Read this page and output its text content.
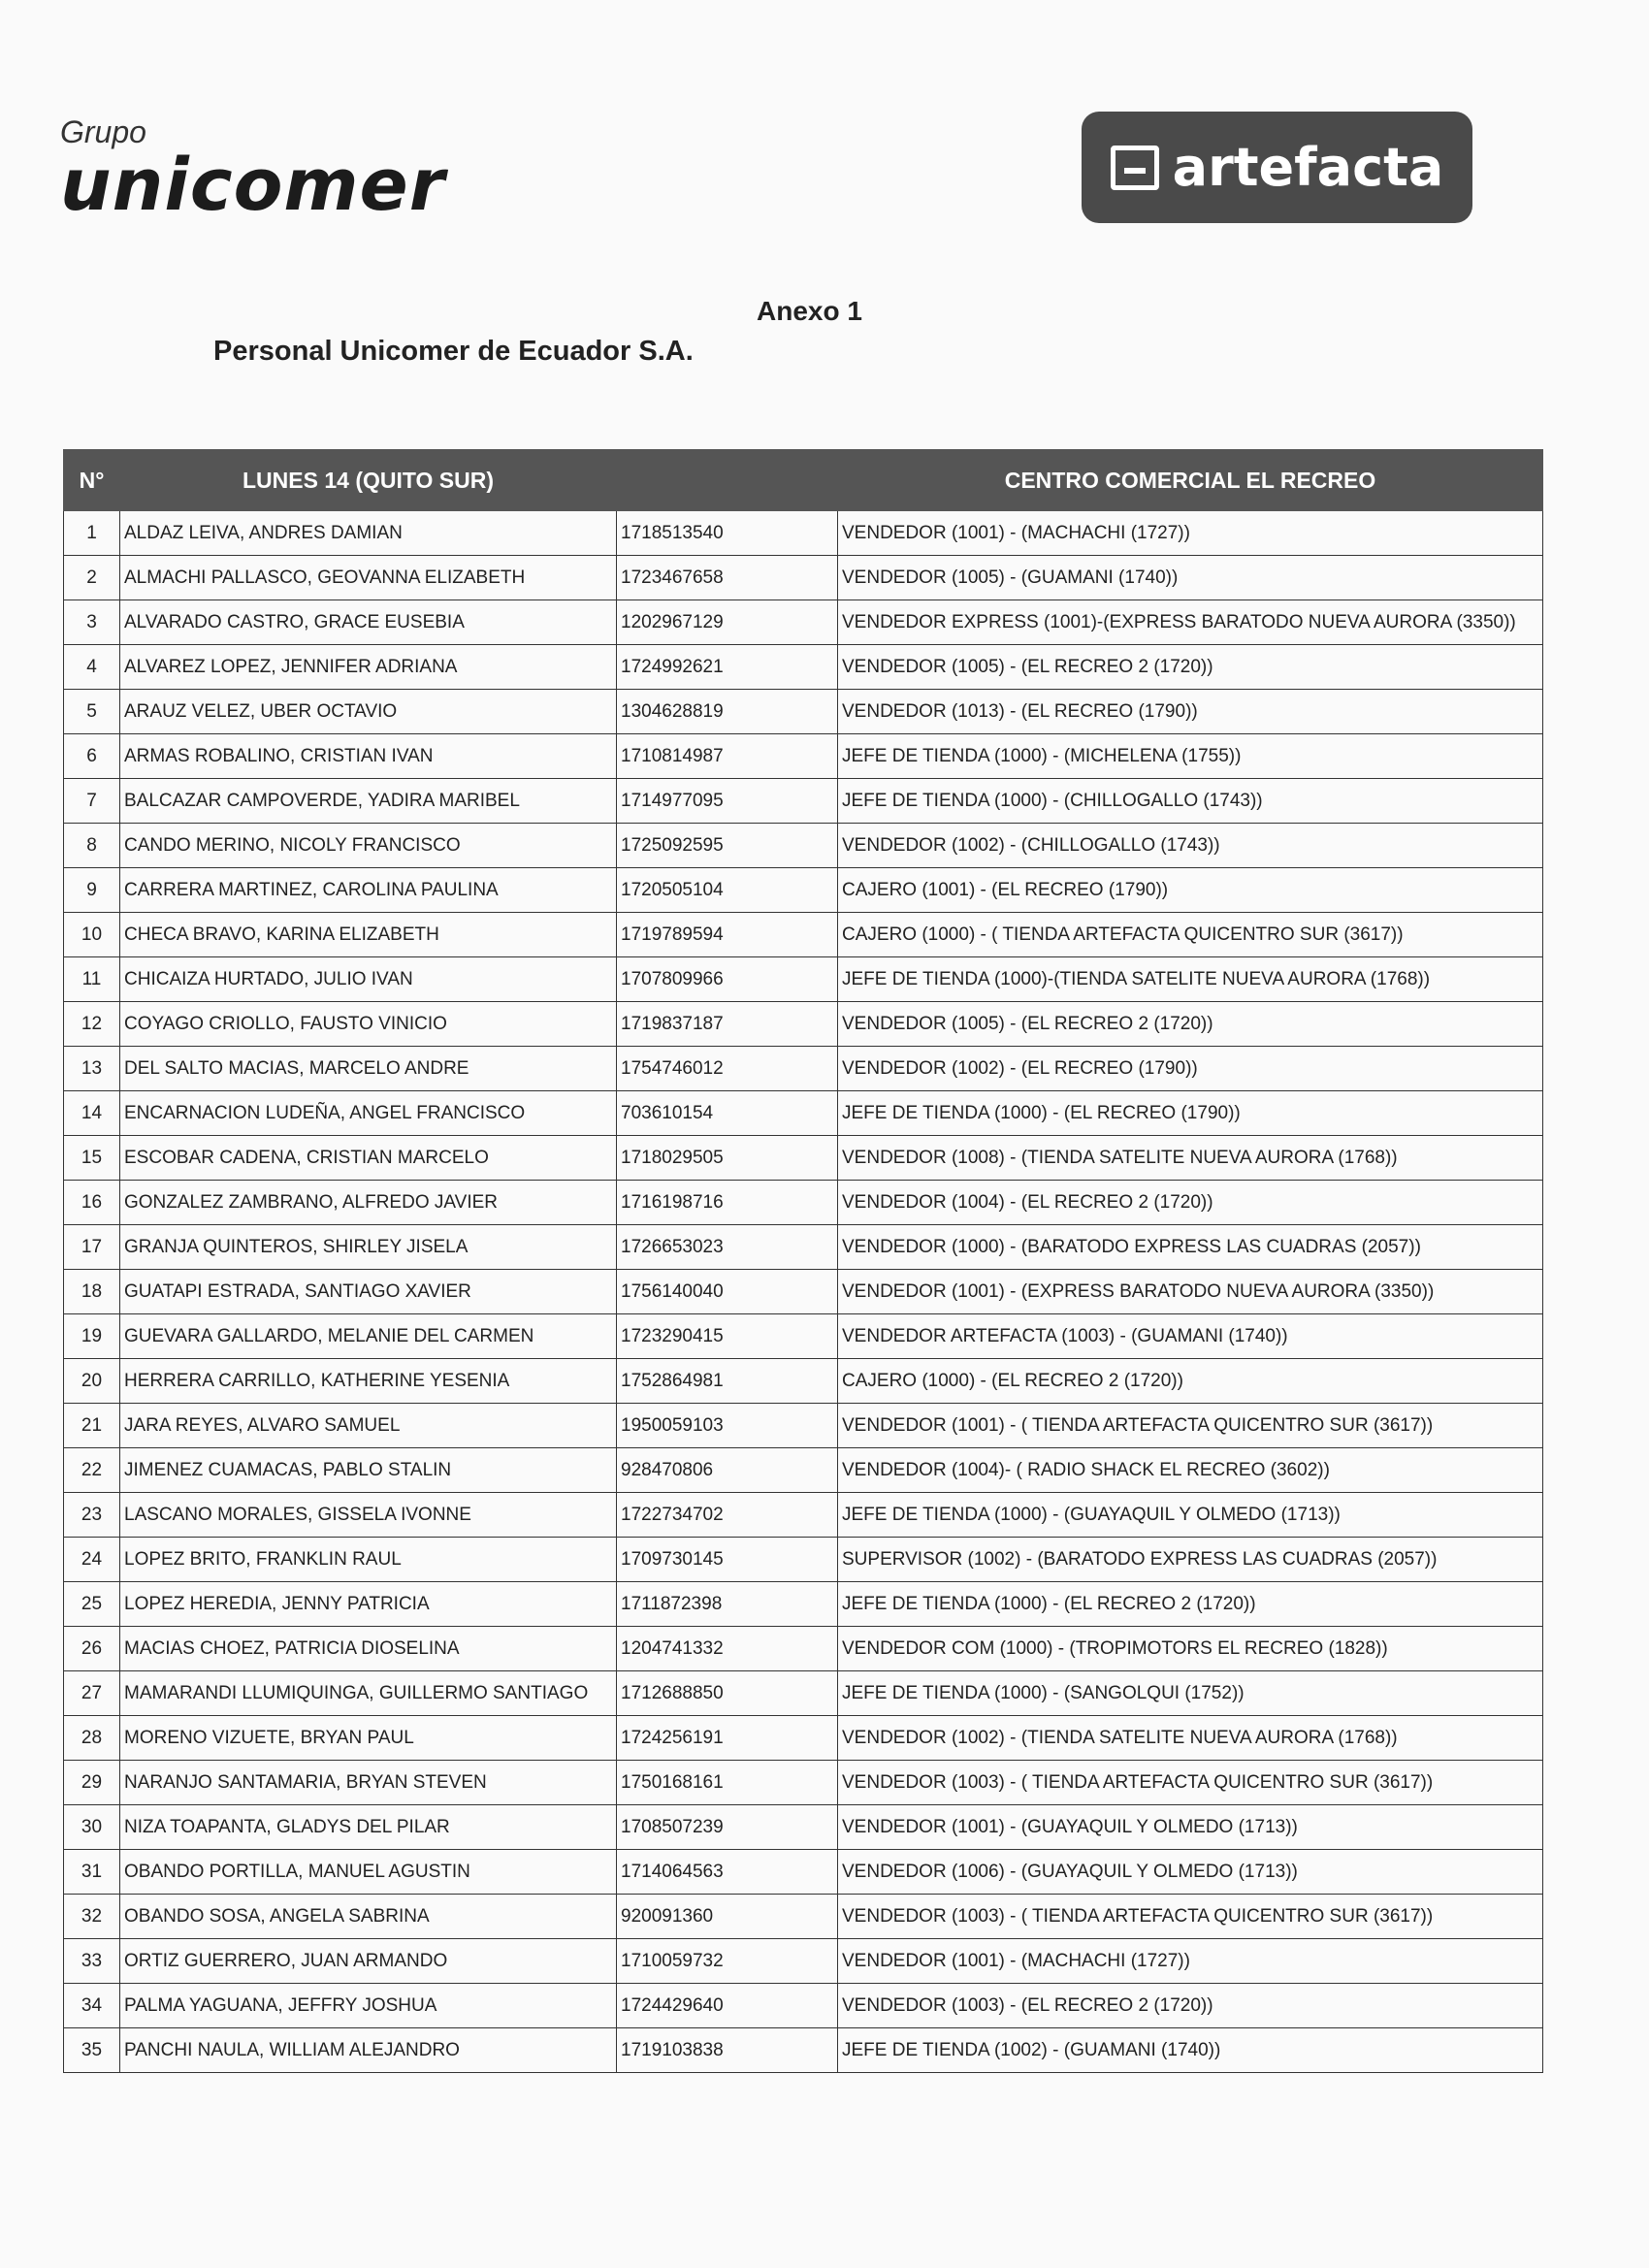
Grupo
unicomer	artefacta
Anexo 1
Personal Unicomer de Ecuador S.A.
N°	LUNES 14 (QUITO SUR)		CENTRO COMERCIAL EL RECREO
1	ALDAZ LEIVA, ANDRES DAMIAN	1718513540	VENDEDOR (1001) - (MACHACHI (1727))
2	ALMACHI PALLASCO, GEOVANNA ELIZABETH	1723467658	VENDEDOR (1005) - (GUAMANI (1740))
3	ALVARADO CASTRO, GRACE EUSEBIA	1202967129	VENDEDOR EXPRESS (1001)-(EXPRESS BARATODO NUEVA AURORA (3350))
4	ALVAREZ LOPEZ, JENNIFER ADRIANA	1724992621	VENDEDOR (1005) - (EL RECREO 2 (1720))
5	ARAUZ VELEZ, UBER OCTAVIO	1304628819	VENDEDOR (1013) - (EL RECREO (1790))
6	ARMAS ROBALINO, CRISTIAN IVAN	1710814987	JEFE DE TIENDA (1000) - (MICHELENA (1755))
7	BALCAZAR CAMPOVERDE, YADIRA MARIBEL	1714977095	JEFE DE TIENDA (1000) - (CHILLOGALLO (1743))
8	CANDO MERINO, NICOLY FRANCISCO	1725092595	VENDEDOR (1002) - (CHILLOGALLO (1743))
9	CARRERA MARTINEZ, CAROLINA PAULINA	1720505104	CAJERO (1001) - (EL RECREO (1790))
10	CHECA BRAVO, KARINA ELIZABETH	1719789594	CAJERO (1000) - ( TIENDA ARTEFACTA QUICENTRO SUR (3617))
11	CHICAIZA HURTADO, JULIO IVAN	1707809966	JEFE DE TIENDA (1000)-(TIENDA SATELITE NUEVA AURORA (1768))
12	COYAGO CRIOLLO, FAUSTO VINICIO	1719837187	VENDEDOR (1005) - (EL RECREO 2 (1720))
13	DEL SALTO MACIAS, MARCELO ANDRE	1754746012	VENDEDOR (1002) - (EL RECREO (1790))
14	ENCARNACION LUDEÑA, ANGEL FRANCISCO	703610154	JEFE DE TIENDA (1000) - (EL RECREO (1790))
15	ESCOBAR CADENA, CRISTIAN MARCELO	1718029505	VENDEDOR (1008) - (TIENDA SATELITE NUEVA AURORA (1768))
16	GONZALEZ ZAMBRANO, ALFREDO JAVIER	1716198716	VENDEDOR (1004) - (EL RECREO 2 (1720))
17	GRANJA QUINTEROS, SHIRLEY JISELA	1726653023	VENDEDOR (1000) - (BARATODO EXPRESS LAS CUADRAS (2057))
18	GUATAPI ESTRADA, SANTIAGO XAVIER	1756140040	VENDEDOR (1001) - (EXPRESS BARATODO NUEVA AURORA (3350))
19	GUEVARA GALLARDO, MELANIE DEL CARMEN	1723290415	VENDEDOR ARTEFACTA (1003) - (GUAMANI (1740))
20	HERRERA CARRILLO, KATHERINE YESENIA	1752864981	CAJERO (1000) - (EL RECREO 2 (1720))
21	JARA REYES, ALVARO SAMUEL	1950059103	VENDEDOR (1001) - ( TIENDA ARTEFACTA QUICENTRO SUR (3617))
22	JIMENEZ CUAMACAS, PABLO STALIN	928470806	VENDEDOR (1004)- ( RADIO SHACK EL RECREO (3602))
23	LASCANO MORALES, GISSELA IVONNE	1722734702	JEFE DE TIENDA (1000) - (GUAYAQUIL Y OLMEDO (1713))
24	LOPEZ BRITO, FRANKLIN RAUL	1709730145	SUPERVISOR (1002) - (BARATODO EXPRESS LAS CUADRAS (2057))
25	LOPEZ HEREDIA, JENNY PATRICIA	1711872398	JEFE DE TIENDA (1000) - (EL RECREO 2 (1720))
26	MACIAS CHOEZ, PATRICIA DIOSELINA	1204741332	VENDEDOR COM (1000) - (TROPIMOTORS EL RECREO (1828))
27	MAMARANDI LLUMIQUINGA, GUILLERMO SANTIAGO	1712688850	JEFE DE TIENDA (1000) - (SANGOLQUI (1752))
28	MORENO VIZUETE, BRYAN PAUL	1724256191	VENDEDOR (1002) - (TIENDA SATELITE NUEVA AURORA (1768))
29	NARANJO SANTAMARIA, BRYAN STEVEN	1750168161	VENDEDOR (1003) - ( TIENDA ARTEFACTA QUICENTRO SUR (3617))
30	NIZA TOAPANTA, GLADYS DEL PILAR	1708507239	VENDEDOR (1001) - (GUAYAQUIL Y OLMEDO (1713))
31	OBANDO PORTILLA, MANUEL AGUSTIN	1714064563	VENDEDOR (1006) - (GUAYAQUIL Y OLMEDO (1713))
32	OBANDO SOSA, ANGELA SABRINA	920091360	VENDEDOR (1003) - ( TIENDA ARTEFACTA QUICENTRO SUR (3617))
33	ORTIZ GUERRERO, JUAN ARMANDO	1710059732	VENDEDOR (1001) - (MACHACHI (1727))
34	PALMA YAGUANA, JEFFRY JOSHUA	1724429640	VENDEDOR (1003) - (EL RECREO 2 (1720))
35	PANCHI NAULA, WILLIAM ALEJANDRO	1719103838	JEFE DE TIENDA (1002) - (GUAMANI (1740))
